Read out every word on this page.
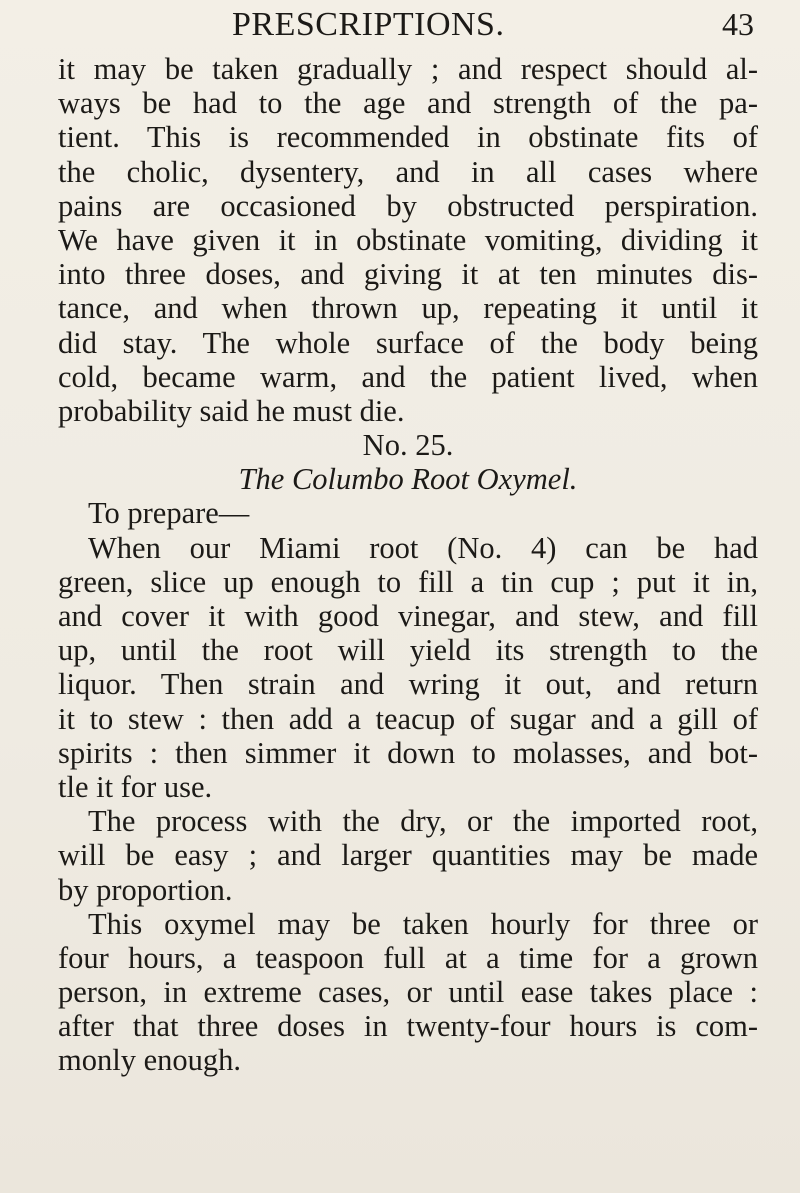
PRESCRIPTIONS.	43
it may be taken gradually ; and respect should al-
ways be had to the age and strength of the pa-
tient. This is recommended in obstinate fits of
the cholic, dysentery, and in all cases where
pains are occasioned by obstructed perspiration.
We have given it in obstinate vomiting, dividing it
into three doses, and giving it at ten minutes dis-
tance, and when thrown up, repeating it until it
did stay. The whole surface of the body being
cold, became warm, and the patient lived, when
probability said he must die.
No. 25.
The Columbo Root Oxymel.
To prepare—
When our Miami root (No. 4) can be had
green, slice up enough to fill a tin cup ; put it in,
and cover it with good vinegar, and stew, and fill
up, until the root will yield its strength to the
liquor. Then strain and wring it out, and return
it to stew : then add a teacup of sugar and a gill of
spirits : then simmer it down to molasses, and bot-
tle it for use.
The process with the dry, or the imported root,
will be easy ; and larger quantities may be made
by proportion.
This oxymel may be taken hourly for three or
four hours, a teaspoon full at a time for a grown
person, in extreme cases, or until ease takes place :
after that three doses in twenty-four hours is com-
monly enough.
